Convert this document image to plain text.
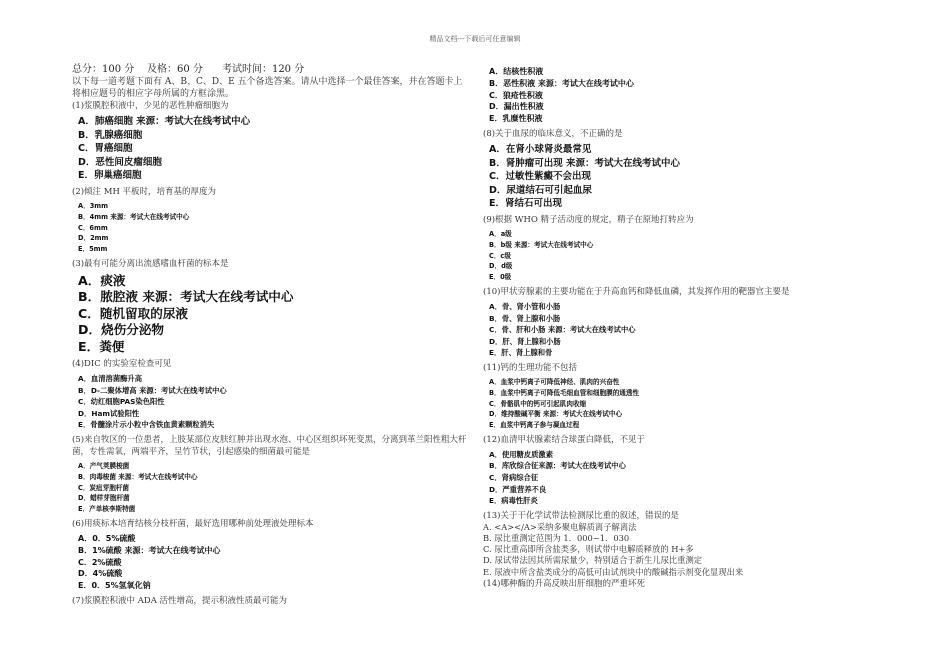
精品文档---下载后可任意编辑
总分：100 分    及格：60 分      考试时间：120 分
以下每一道考题下面有 A、B、C、D、E 五个备选答案。请从中选择一个最佳答案，并在答题卡上将相应题号的相应字母所属的方框涂黑。
(1)浆膜腔积液中，少见的恶性肿瘤细胞为
A．肺癌细胞 来源：考试大在线考试中心
B．乳腺癌细胞
C．胃癌细胞
D．恶性间皮瘤细胞
E．卵巢癌细胞
(2)倾注 MH 平板时，培育基的厚度为
A．3mm
B．4mm 来源：考试大在线考试中心
C．6mm
D．2mm
E．5mm
(3)最有可能分离出流感嗜血杆菌的标本是
A．痰液
B．脓腔液 来源：考试大在线考试中心
C．随机留取的尿液
D．烧伤分泌物
E．粪便
(4)DIC 的实验室检查可见
A．血清溶菌酶升高
B．D-二聚体增高 来源：考试大在线考试中心
C．幼红细胞PAS染色阳性
D．Ham试验阳性
E．骨髓涂片示小粒中含铁血黄素颗粒消失
(5)来自牧区的一位患者，上肢某部位皮肤红肿并出现水泡、中心区组织坏死变黑，分离到革兰阳性粗大杆菌，专性需氧，两端平齐，呈竹节状，引起感染的细菌最可能是
A．产气荚膜梭菌
B．肉毒梭菌 来源：考试大在线考试中心
C．炭疽芽胞杆菌
D．蜡样芽胞杆菌
E．产单核李斯特菌
(6)用痰标本培育结核分枝杆菌，最好选用哪种前处理液处理标本
A．0．5%硫酸
B．1%硫酸 来源：考试大在线考试中心
C．2%硫酸
D．4%硫酸
E．0．5%氢氧化钠
(7)浆膜腔积液中 ADA 活性增高，提示积液性质最可能为
A．结核性积液
B．恶性积液 来源：考试大在线考试中心
C．狼疮性积液
D．漏出性积液
E．乳糜性积液
(8)关于血尿的临床意义，不正确的是
A．在肾小球肾炎最常见
B．肾肿瘤可出现 来源：考试大在线考试中心
C．过敏性紫癜不会出现
D．尿道结石可引起血尿
E．肾结石可出现
(9)根据 WHO 精子活动度的规定，精子在原地打转应为
A．a级
B．b级 来源：考试大在线考试中心
C．c级
D．d级
E．0级
(10)甲状旁腺素的主要功能在于升高血钙和降低血磷，其发挥作用的靶器官主要是
A．骨、肾小管和小肠
B．骨、肾上腺和小肠
C．骨、肝和小肠 来源：考试大在线考试中心
D．肝、肾上腺和小肠
E．肝、肾上腺和骨
(11)钙的生理功能不包括
A．血浆中钙离子可降低神经、肌肉的兴奋性
B．血浆中钙离子可降低毛细血管和细胞膜的通透性
C．骨骼肌中的钙可引起肌肉收缩
D．维持酸碱平衡 来源：考试大在线考试中心
E．血浆中钙离子参与凝血过程
(12)血清甲状腺素结合球蛋白降低，不见于
A．使用糖皮质激素
B．库欣综合征来源：考试大在线考试中心
C．肾病综合征
D．严重营养不良
E．病毒性肝炎
(13)关于干化学试带法检测尿比重的叙述，错误的是
A. <A></A>采纳多聚电解质离子解离法
B. 尿比重测定范围为 1．000~1．030
C. 尿比重高即所含盐类多，则试带中电解质释放的 H+多
D. 尿试带法因其所需尿量少，特别适合于新生儿尿比重测定
E. 尿液中所含盐类成分的高低可由试剂块中的酸碱指示剂变化显现出来
(14)哪种酶的升高反映出肝细胞的严重坏死
